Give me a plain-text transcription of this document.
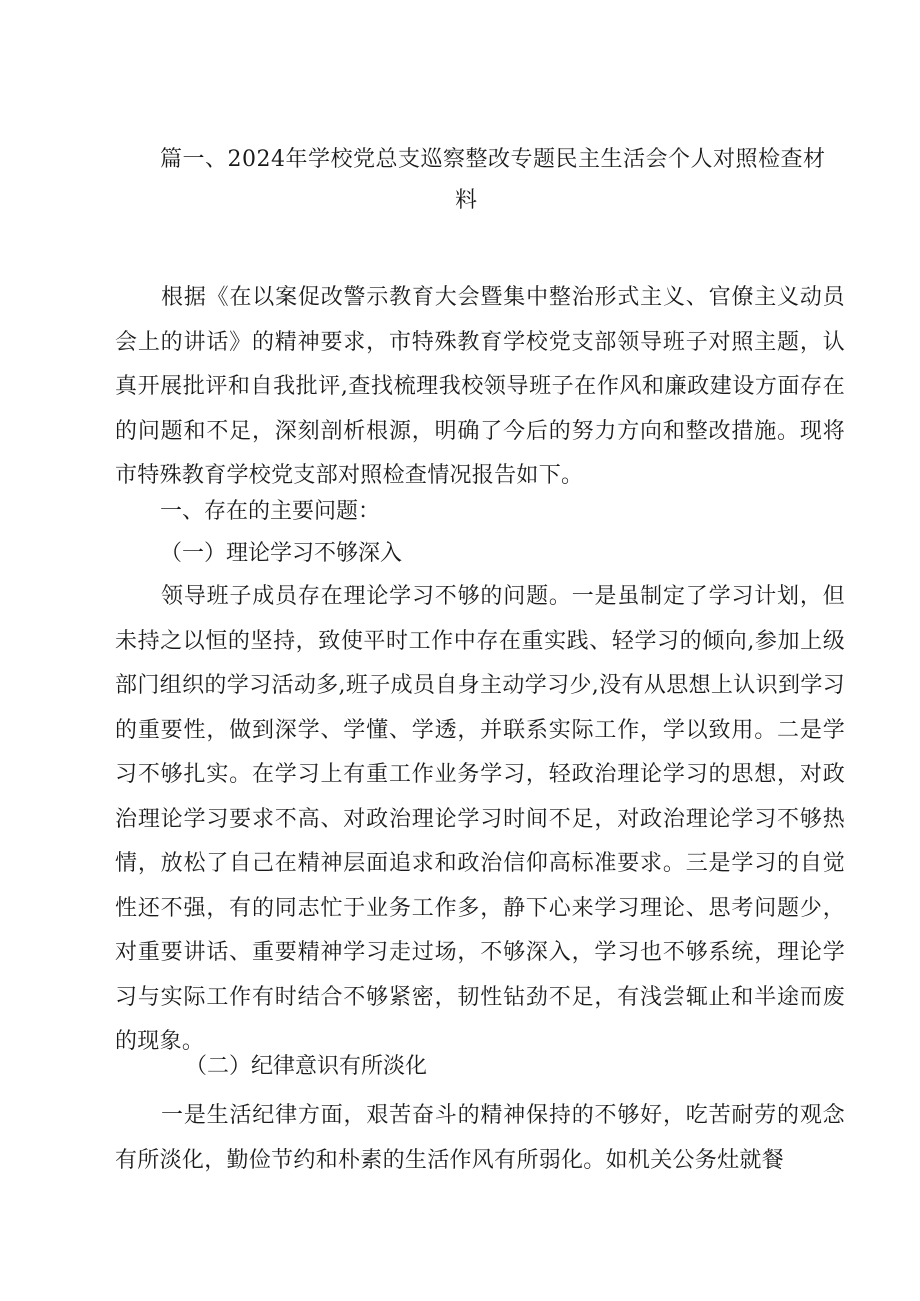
篇一、2024年学校党总支巡察整改专题民主生活会个人对照检查材
料

根据《在以案促改警示教育大会暨集中整治形式主义、官僚主义动员会上的讲话》的精神要求，市特殊教育学校党支部领导班子对照主题，认真开展批评和自我批评,查找梳理我校领导班子在作风和廉政建设方面存在的问题和不足，深刻剖析根源，明确了今后的努力方向和整改措施。现将市特殊教育学校党支部对照检查情况报告如下。

一、存在的主要问题：
（一）理论学习不够深入

领导班子成员存在理论学习不够的问题。一是虽制定了学习计划，但未持之以恒的坚持，致使平时工作中存在重实践、轻学习的倾向,参加上级部门组织的学习活动多,班子成员自身主动学习少,没有从思想上认识到学习的重要性，做到深学、学懂、学透，并联系实际工作，学以致用。二是学习不够扎实。在学习上有重工作业务学习，轻政治理论学习的思想，对政治理论学习要求不高、对政治理论学习时间不足，对政治理论学习不够热情，放松了自己在精神层面追求和政治信仰高标准要求。三是学习的自觉性还不强，有的同志忙于业务工作多，静下心来学习理论、思考问题少，对重要讲话、重要精神学习走过场，不够深入，学习也不够系统，理论学习与实际工作有时结合不够紧密，韧性钻劲不足，有浅尝辄止和半途而废的现象。

（二）纪律意识有所淡化

一是生活纪律方面，艰苦奋斗的精神保持的不够好，吃苦耐劳的观念有所淡化，勤俭节约和朴素的生活作风有所弱化。如机关公务灶就餐
